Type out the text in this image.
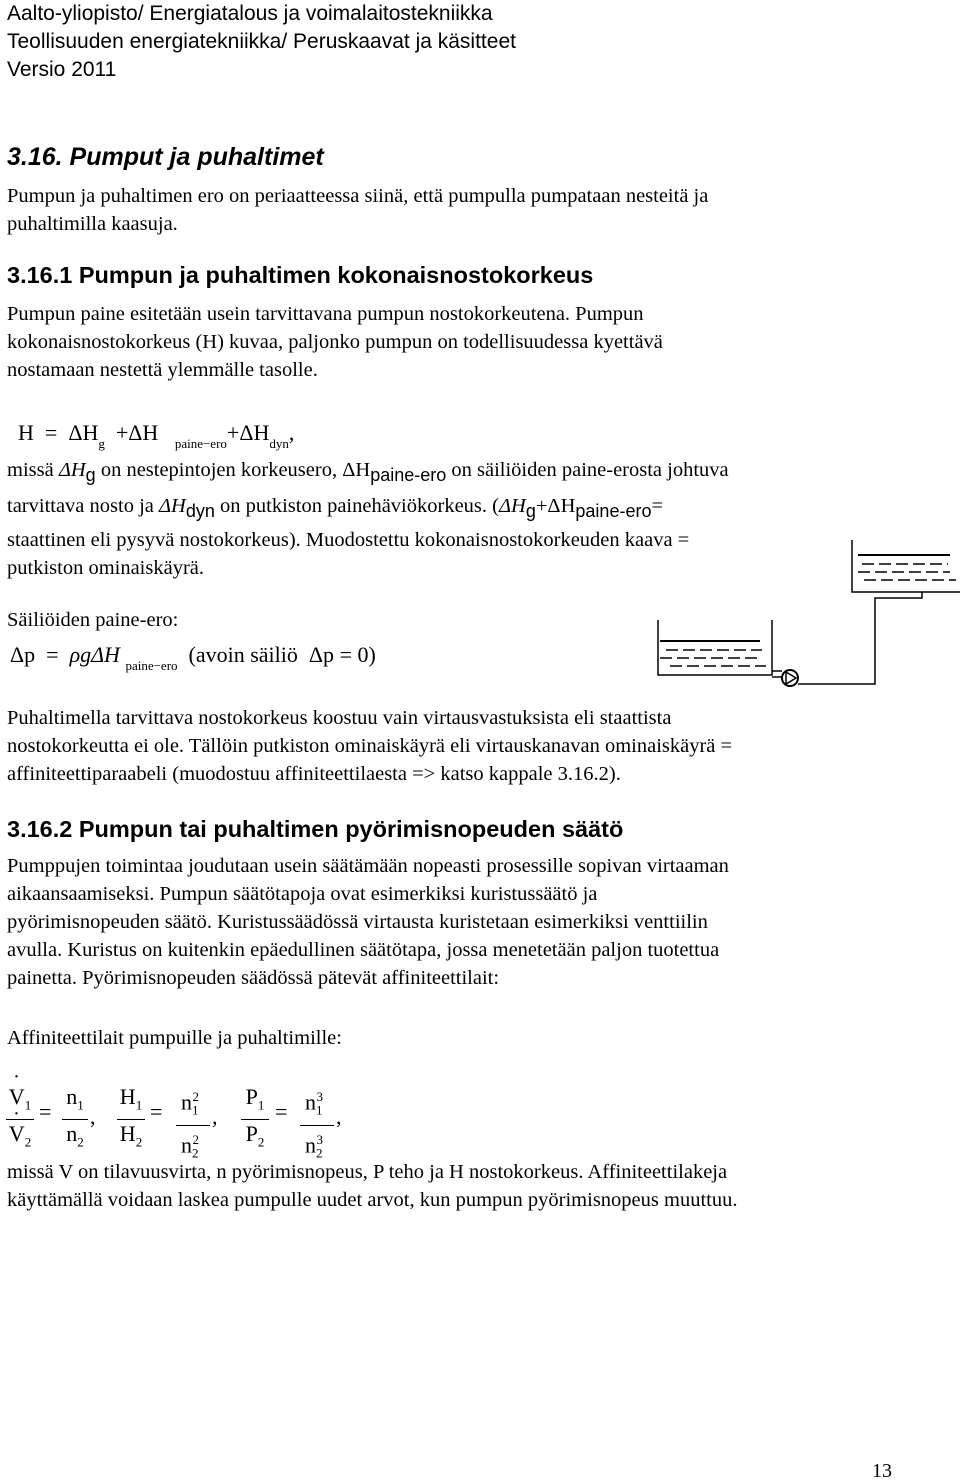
Aalto-yliopisto/ Energiatalous ja voimalaitostekniikka
Teollisuuden energiatekniikka/ Peruskaavat ja käsitteet
Versio 2011
3.16. Pumput ja puhaltimet
Pumpun ja puhaltimen ero on periaatteessa siinä, että pumpulla pumpataan nesteitä ja
puhaltimilla kaasuja.
3.16.1 Pumpun ja puhaltimen kokonaisnostokorkeus
Pumpun paine esitetään usein tarvittavana pumpun nostokorkeutena. Pumpun
kokonaisnostokorkeus (H) kuvaa, paljonko pumpun on todellisuudessa kyettävä
nostamaan nestettä ylemmälle tasolle.
$H = \Delta H_g +\Delta H$ $_{paine-ero}+\Delta H_{dyn}$,
missä $\Delta H_g$ on nestepintojen korkeusero, $\Delta H_{paine-ero}$ on säiliöiden paine-erosta johtuva
tarvittava nosto ja $\Delta H_{dyn}$ on putkiston painehäviökorkeus. ($\Delta H_g+\Delta H_{paine-ero}=$
staattinen eli pysyvä nostokorkeus). Muodostettu kokonaisnostokorkeuden kaava =
putkiston ominaiskäyrä.
Säiliöiden paine-ero:
Δp = ρgΔH $_{paine-ero}$ (avoin säiliö Δp = 0)
Puhaltimella tarvittava nostokorkeus koostuu vain virtausvastuksista eli staattista
nostokorkeutta ei ole. Tällöin putkiston ominaiskäyrä eli virtauskanavan ominaiskäyrä =
affiniteettiparaabeli (muodostuu affiniteettilaesta => katso kappale 3.16.2).
3.16.2 Pumpun tai puhaltimen pyörimisnopeuden säätö
Pumppujen toimintaa joudutaan usein säätämään nopeasti prosessille sopivan virtaaman
aikaansaamiseksi. Pumpun säätötapoja ovat esimerkiksi kuristussäätö ja
pyörimisnopeuden säätö. Kuristussäädössä virtausta kuristetaan esimerkiksi venttiilin
avulla. Kuristus on kuitenkin epäedullinen säätötapa, jossa menetetään paljon tuotettua
painetta. Pyörimisnopeuden säädössä pätevät affiniteettilait:
Affiniteettilait pumpuille ja puhaltimille:
˙ $V_1$
˙ $V_2$
=
$n_1$
$n_2$
,
$H_1$
$H_2$
= $n_1^2$
$n_2^2$
,
$P_1$
$P_2$
= $n_1^3$
$n_2^3$
,
missä V on tilavuusvirta, n pyörimisnopeus, P teho ja H nostokorkeus. Affiniteettilakeja
käyttämällä voidaan laskea pumpulle uudet arvot, kun pumpun pyörimisnopeus muuttuu.
13
